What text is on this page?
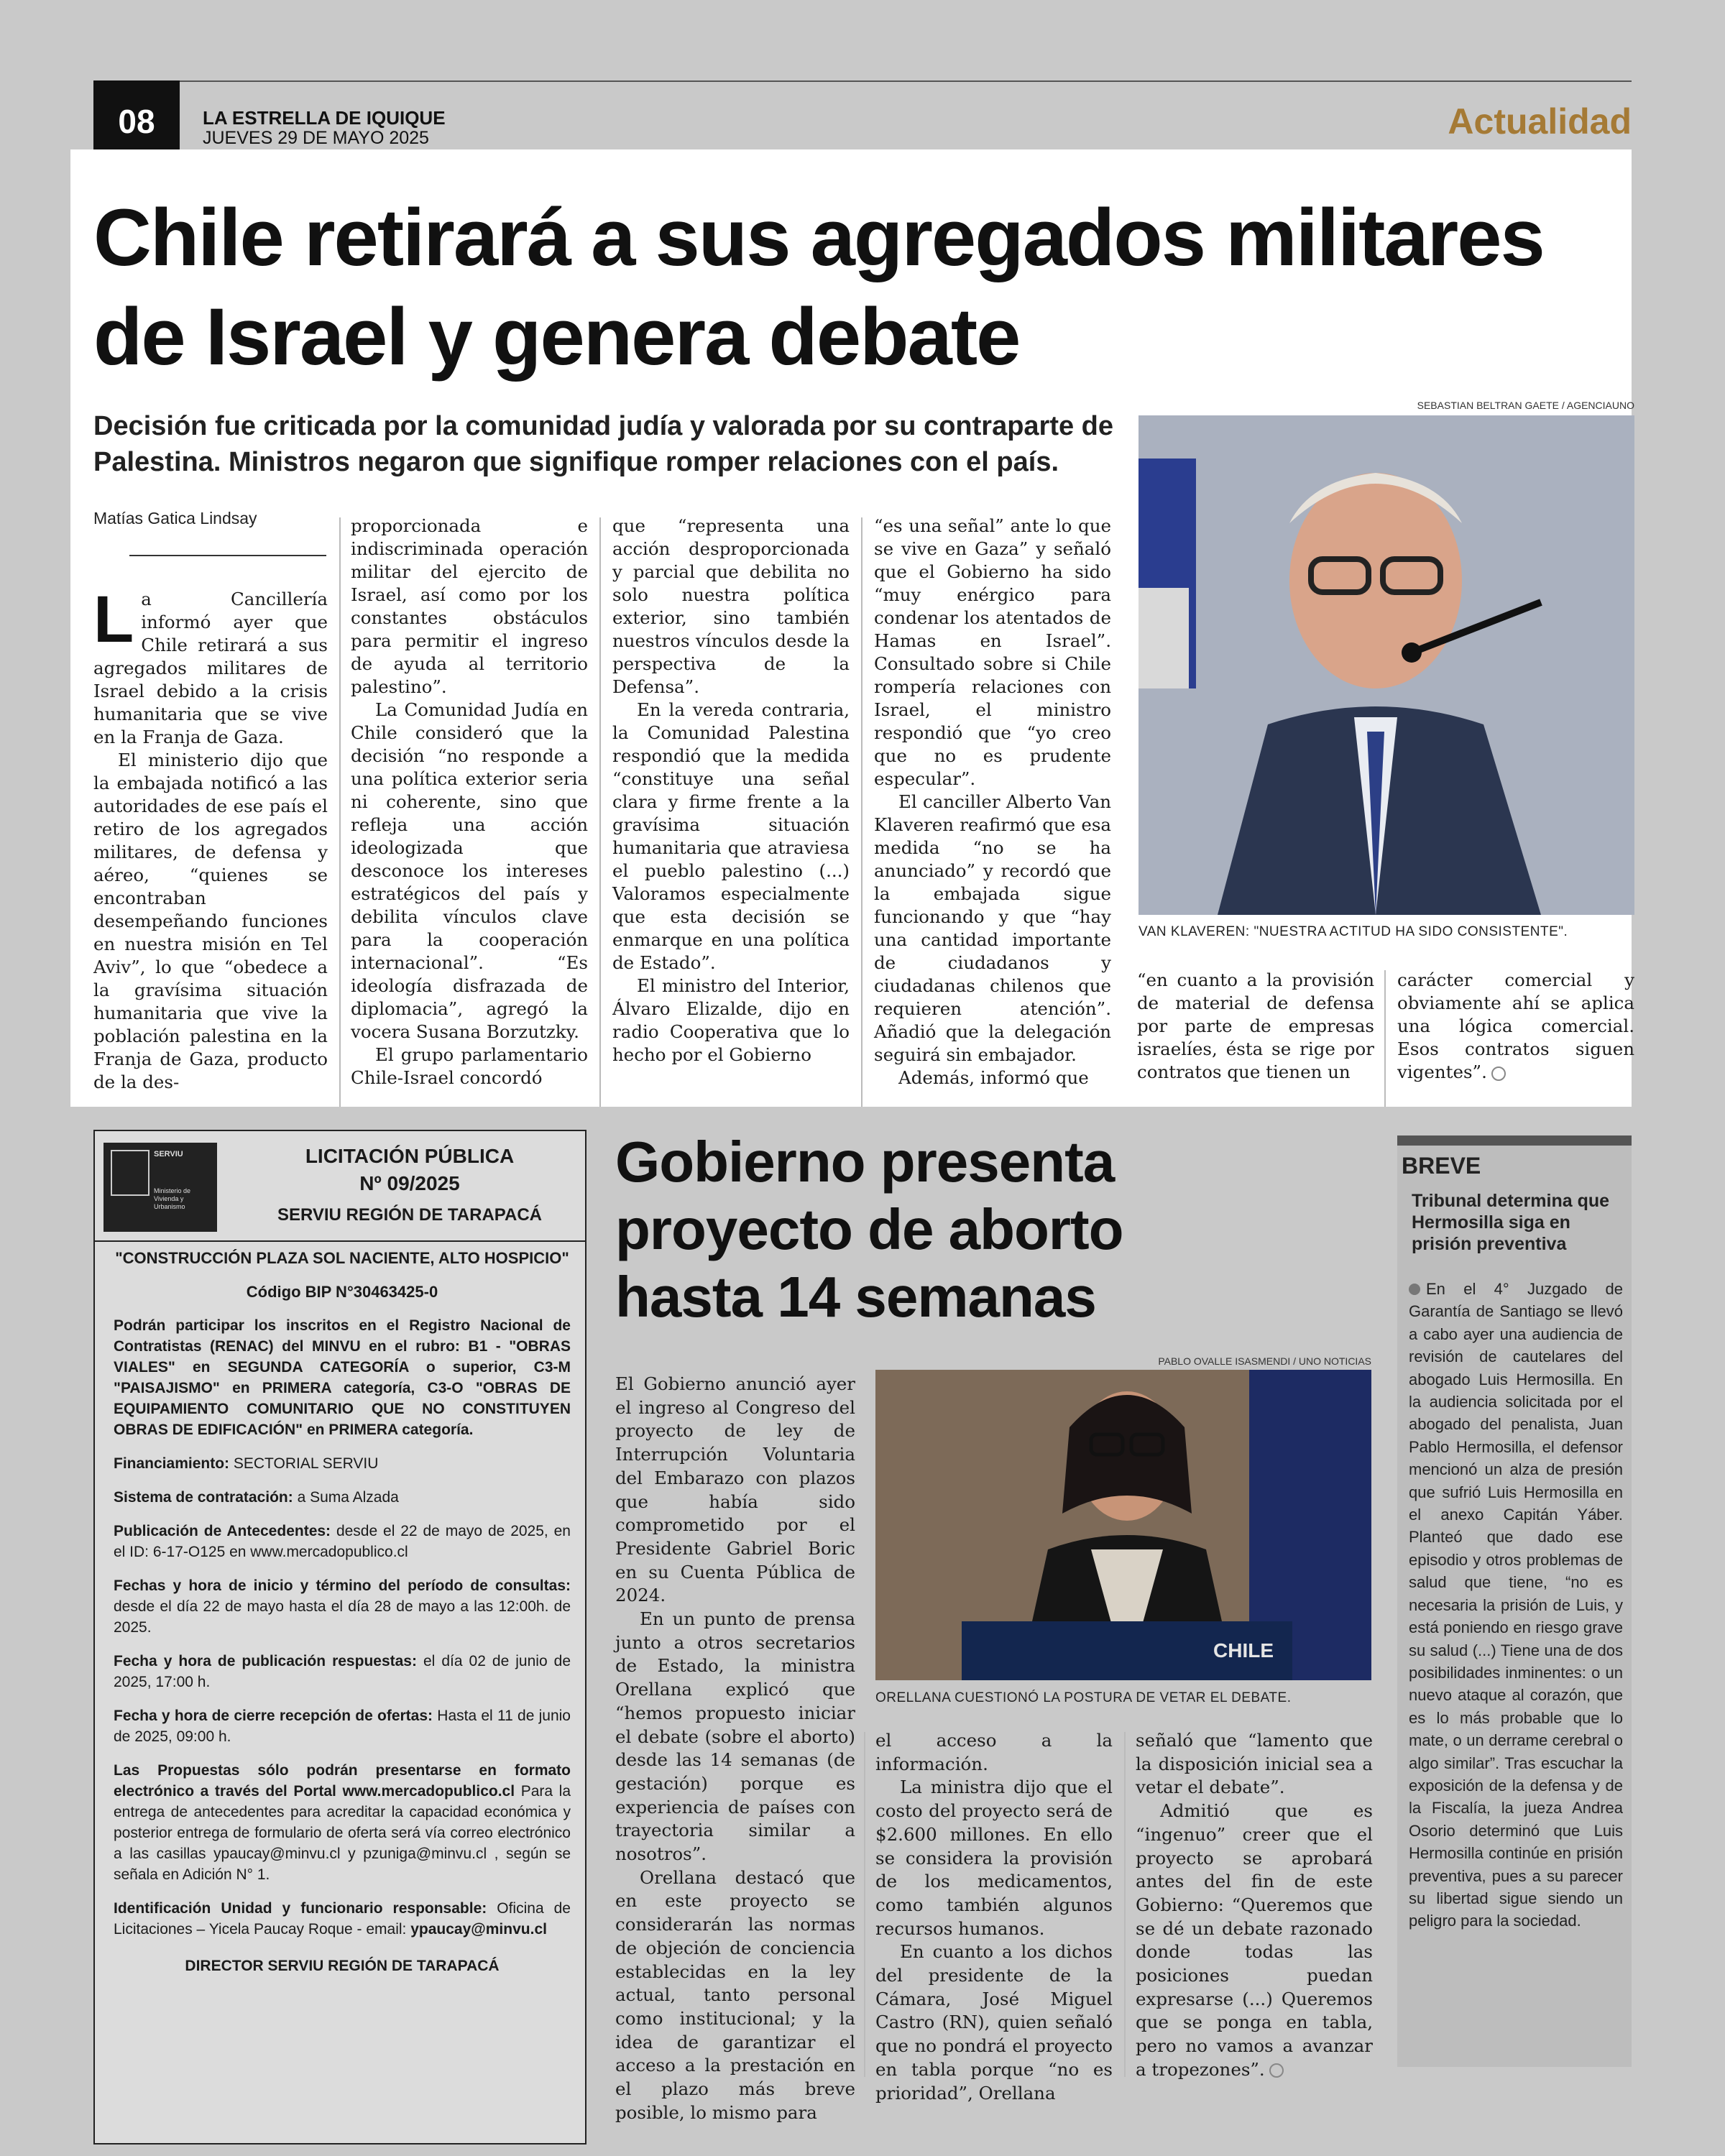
08	LA ESTRELLA DE IQUIQUE
JUEVES 29 DE MAYO 2025	Actualidad
Chile retirará a sus agregados militares de Israel y genera debate
Decisión fue criticada por la comunidad judía y valorada por su contraparte de Palestina. Ministros negaron que signifique romper relaciones con el país.
Matías Gatica Lindsay

La Cancillería informó ayer que Chile retirará a sus agregados militares de Israel debido a la crisis humanitaria que se vive en la Franja de Gaza.

El ministerio dijo que la embajada notificó a las autoridades de ese país el retiro de los agregados militares, de defensa y aéreo, “quienes se encontraban desempeñando funciones en nuestra misión en Tel Aviv”, lo que “obedece a la gravísima situación humanitaria que vive la población palestina en la Franja de Gaza, producto de la des-

proporcionada e indiscriminada operación militar del ejercito de Israel, así como por los constantes obstáculos para permitir el ingreso de ayuda al territorio palestino”.

La Comunidad Judía en Chile consideró que la decisión “no responde a una política exterior seria ni coherente, sino que refleja una acción ideologizada que desconoce los intereses estratégicos del país y debilita vínculos clave para la cooperación internacional”. “Es ideología disfrazada de diplomacia”, agregó la vocera Susana Borzutzky.

El grupo parlamentario Chile-Israel concordó

que “representa una acción desproporcionada y parcial que debilita no solo nuestra política exterior, sino también nuestros vínculos desde la perspectiva de la Defensa”.

En la vereda contraria, la Comunidad Palestina respondió que la medida “constituye una señal clara y firme frente a la gravísima situación humanitaria que atraviesa el pueblo palestino (...) Valoramos especialmente que esta decisión se enmarque en una política de Estado”.

El ministro del Interior, Álvaro Elizalde, dijo en radio Cooperativa que lo hecho por el Gobierno

“es una señal” ante lo que se vive en Gaza” y señaló que el Gobierno ha sido “muy enérgico para condenar los atentados de Hamas en Israel”. Consultado sobre si Chile rompería relaciones con Israel, el ministro respondió que “yo creo que no es prudente especular”.

El canciller Alberto Van Klaveren reafirmó que esa medida “no se ha anunciado” y recordó que la embajada sigue funcionando y que “hay una cantidad importante de ciudadanos y ciudadanas chilenos que requieren atención”. Añadió que la delegación seguirá sin embajador.

Además, informó que

SEBASTIAN BELTRAN GAETE / AGENCIAUNO
VAN KLAVEREN: "NUESTRA ACTITUD HA SIDO CONSISTENTE".

“en cuanto a la provisión de material de defensa por parte de empresas israelíes, ésta se rige por contratos que tienen un

carácter comercial y obviamente ahí se aplica una lógica comercial. Esos contratos siguen vigentes”.

SERVIU
Ministerio de Vivienda y Urbanismo
LICITACIÓN PÚBLICA
Nº 09/2025
SERVIU REGIÓN DE TARAPACÁ

"CONSTRUCCIÓN PLAZA SOL NACIENTE, ALTO HOSPICIO"

Código BIP N°30463425-0

Podrán participar los inscritos en el Registro Nacional de Contratistas (RENAC) del MINVU en el rubro: B1 - "OBRAS VIALES" en SEGUNDA CATEGORÍA o superior, C3-M "PAISAJISMO" en PRIMERA categoría, C3-O "OBRAS DE EQUIPAMIENTO COMUNITARIO QUE NO CONSTITUYEN OBRAS DE EDIFICACIÓN" en PRIMERA categoría.

Financiamiento: SECTORIAL SERVIU

Sistema de contratación: a Suma Alzada

Publicación de Antecedentes: desde el 22 de mayo de 2025, en el ID: 6-17-O125 en www.mercadopublico.cl

Fechas y hora de inicio y término del período de consultas: desde el día 22 de mayo hasta el día 28 de mayo a las 12:00h. de 2025.

Fecha y hora de publicación respuestas: el día 02 de junio de 2025, 17:00 h.

Fecha y hora de cierre recepción de ofertas: Hasta el 11 de junio de 2025, 09:00 h.

Las Propuestas sólo podrán presentarse en formato electrónico a través del Portal www.mercadopublico.cl Para la entrega de antecedentes para acreditar la capacidad económica y posterior entrega de formulario de oferta será vía correo electrónico a las casillas ypaucay@minvu.cl y pzuniga@minvu.cl , según se señala en Adición N° 1.

Identificación Unidad y funcionario responsable: Oficina de Licitaciones – Yicela Paucay Roque - email: ypaucay@minvu.cl

DIRECTOR SERVIU REGIÓN DE TARAPACÁ

Gobierno presenta proyecto de aborto hasta 14 semanas
PABLO OVALLE ISASMENDI / UNO NOTICIAS
CHILE
ORELLANA CUESTIONÓ LA POSTURA DE VETAR EL DEBATE.

El Gobierno anunció ayer el ingreso al Congreso del proyecto de ley de Interrupción Voluntaria del Embarazo con plazos que había sido comprometido por el Presidente Gabriel Boric en su Cuenta Pública de 2024.

En un punto de prensa junto a otros secretarios de Estado, la ministra Orellana explicó que “hemos propuesto iniciar el debate (sobre el aborto) desde las 14 semanas (de gestación) porque es experiencia de países con trayectoria similar a nosotros”.

Orellana destacó que en este proyecto se considerarán las normas de objeción de conciencia establecidas en la ley actual, tanto personal como institucional; y la idea de garantizar el acceso a la prestación en el plazo más breve posible, lo mismo para

el acceso a la información.

La ministra dijo que el costo del proyecto será de $2.600 millones. En ello se considera la provisión de los medicamentos, como también algunos recursos humanos.

En cuanto a los dichos del presidente de la Cámara, José Miguel Castro (RN), quien señaló que no pondrá el proyecto en tabla porque “no es prioridad”, Orellana

señaló que “lamento que la disposición inicial sea a vetar el debate”.

Admitió que es “ingenuo” creer que el proyecto se aprobará antes del fin de este Gobierno: “Queremos que se dé un debate razonado donde todas las posiciones puedan expresarse (...) Queremos que se ponga en tabla, pero no vamos a avanzar a tropezones”.

BREVE
Tribunal determina que Hermosilla siga en prisión preventiva
En el 4° Juzgado de Garantía de Santiago se llevó a cabo ayer una audiencia de revisión de cautelares del abogado Luis Hermosilla. En la audiencia solicitada por el abogado del penalista, Juan Pablo Hermosilla, el defensor mencionó un alza de presión que sufrió Luis Hermosilla en el anexo Capitán Yáber. Planteó que dado ese episodio y otros problemas de salud que tiene, “no es necesaria la prisión de Luis, y está poniendo en riesgo grave su salud (...) Tiene una de dos posibilidades inminentes: o un nuevo ataque al corazón, que es lo más probable que lo mate, o un derrame cerebral o algo similar”. Tras escuchar la exposición de la defensa y de la Fiscalía, la jueza Andrea Osorio determinó que Luis Hermosilla continúe en prisión preventiva, pues a su parecer su libertad sigue siendo un peligro para la sociedad.
